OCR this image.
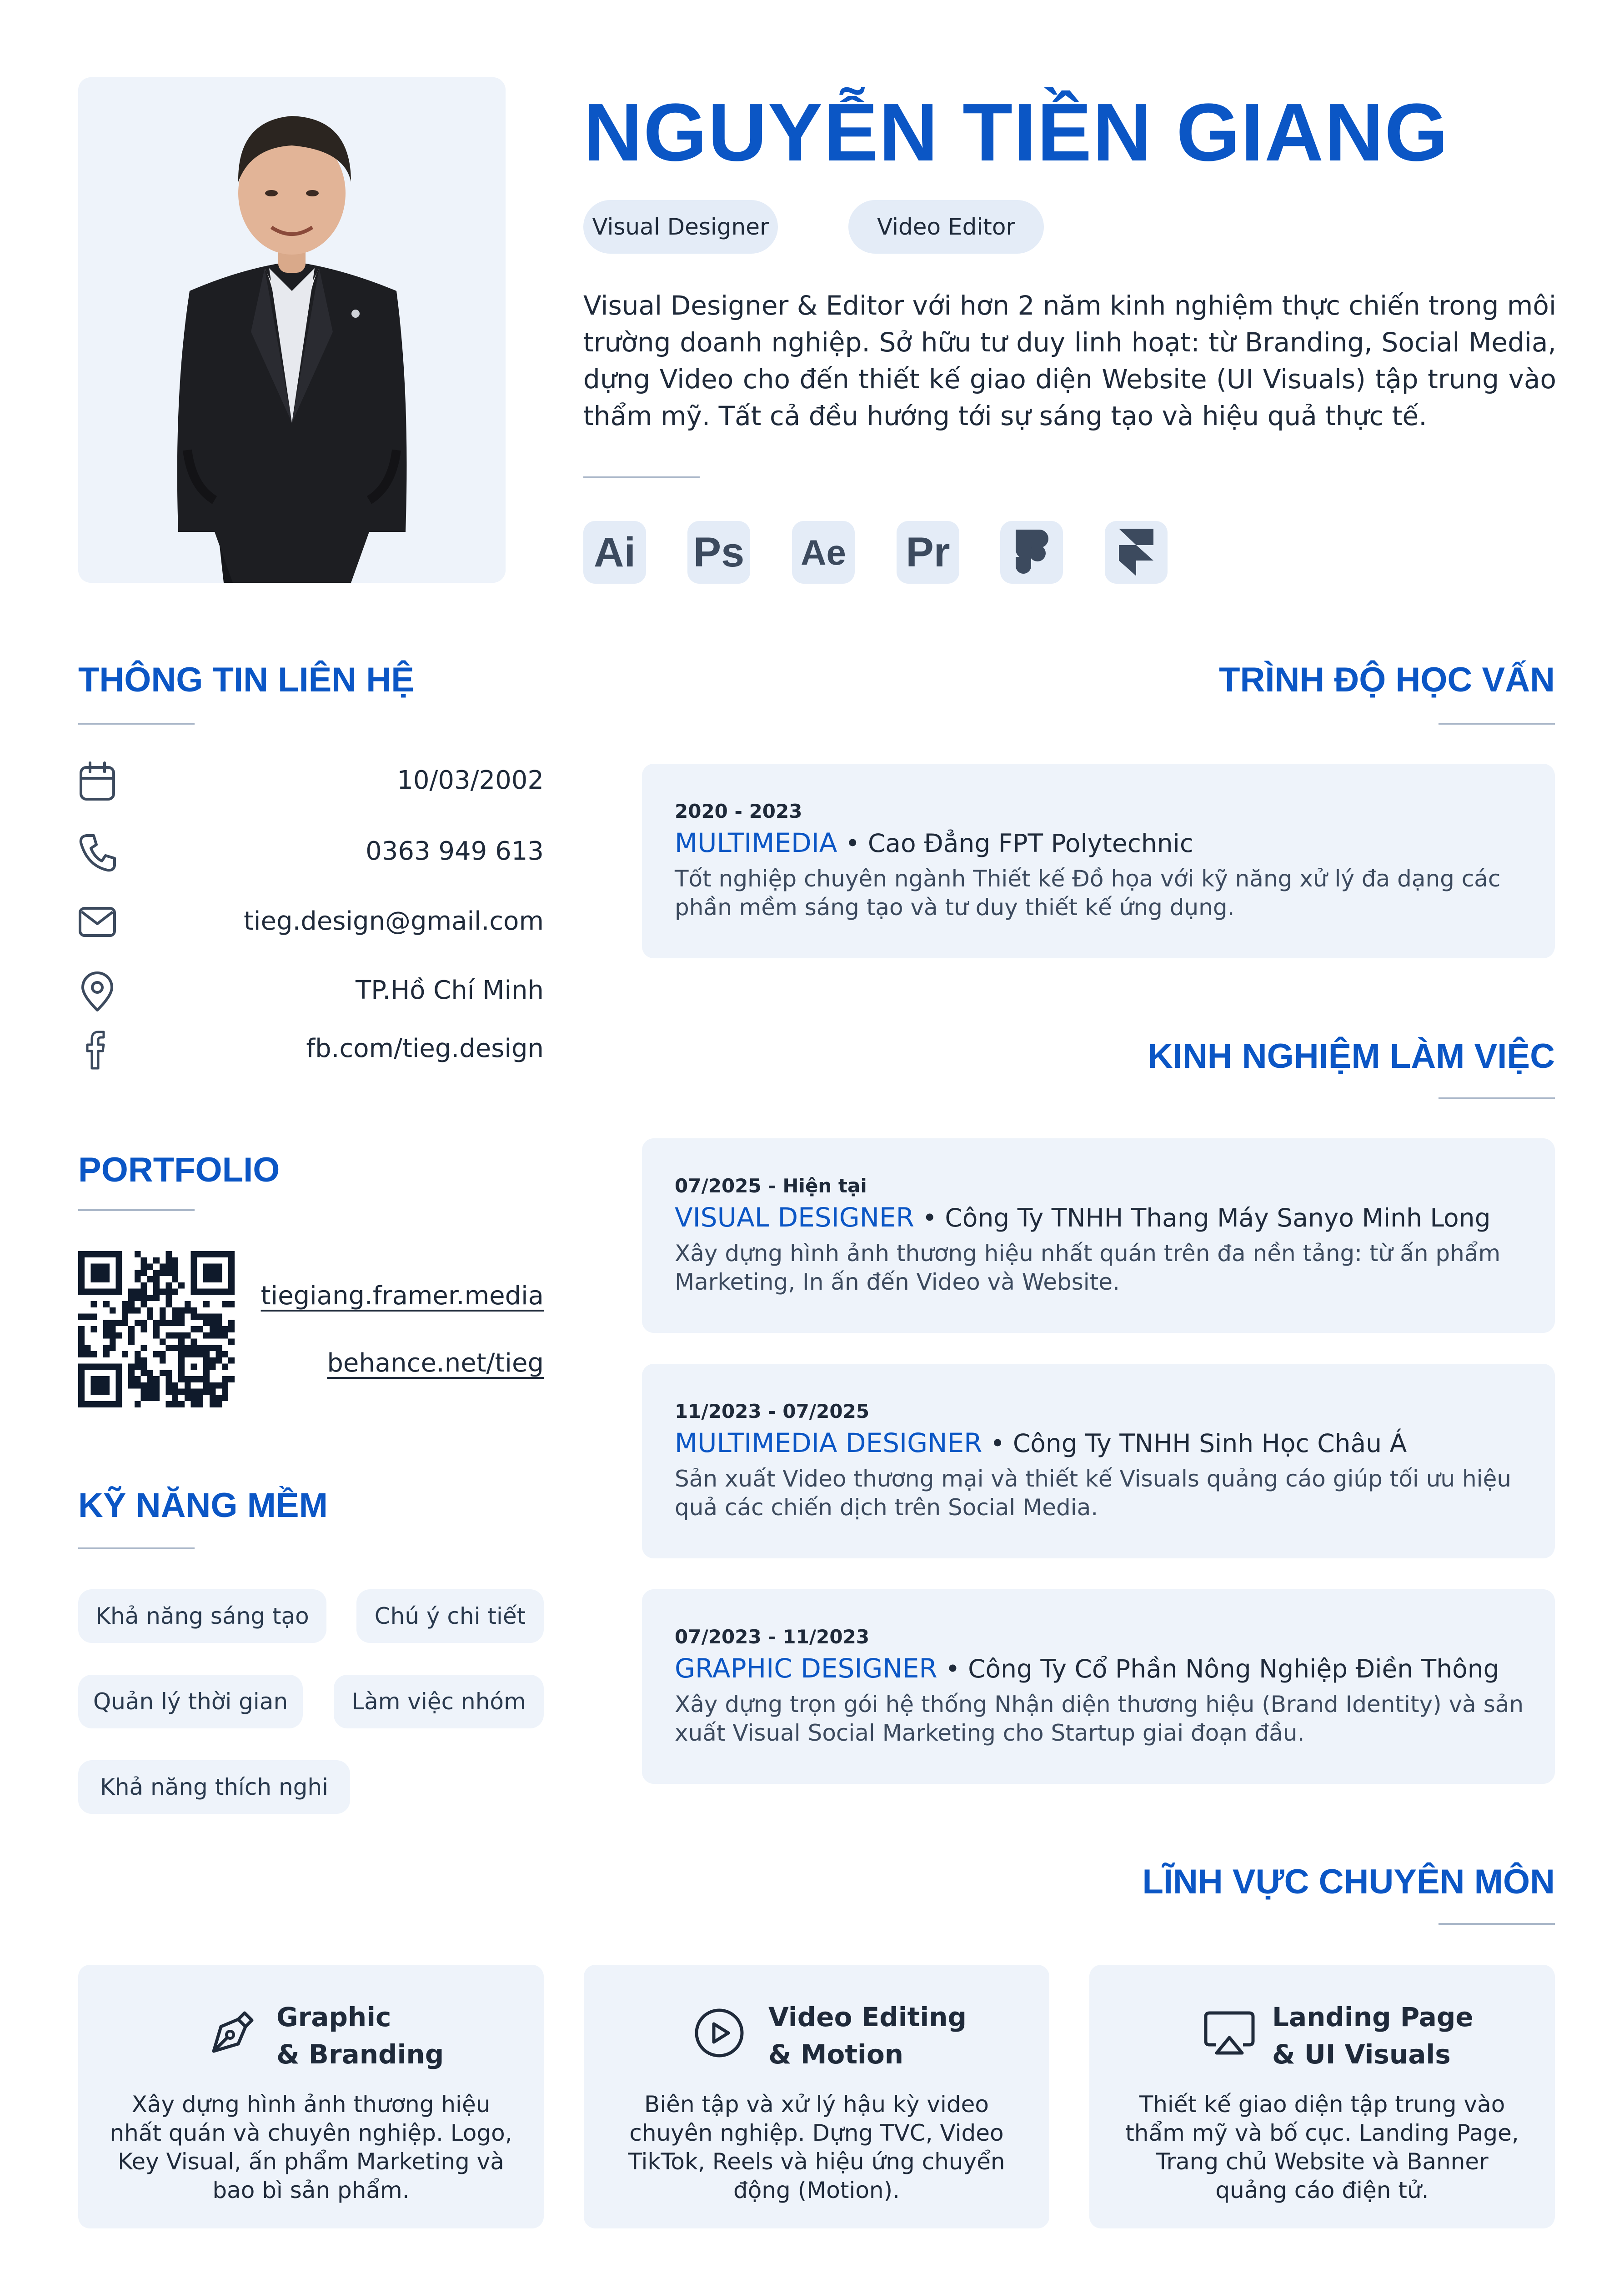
NGUYỄN TIỀN GIANG
Visual Designer	Video Editor

Visual Designer & Editor với hơn 2 năm kinh nghiệm thực chiến trong môi trường doanh nghiệp. Sở hữu tư duy linh hoạt: từ Branding, Social Media, dựng Video cho đến thiết kế giao diện Website (UI Visuals) tập trung vào thẩm mỹ. Tất cả đều hướng tới sự sáng tạo và hiệu quả thực tế.

Ai Ps Ae Pr
THÔNG TIN LIÊN HỆ
10/03/2002
0363 949 613
tieg.design@gmail.com
TP.Hồ Chí Minh
fb.com/tieg.design
PORTFOLIO
tiegiang.framer.media
behance.net/tieg
KỸ NĂNG MỀM
Khả năng sáng tạo	Chú ý chi tiết
Quản lý thời gian	Làm việc nhóm
Khả năng thích nghi
TRÌNH ĐỘ HỌC VẤN
2020 - 2023
MULTIMEDIA • Cao Đẳng FPT Polytechnic
Tốt nghiệp chuyên ngành Thiết kế Đồ họa với kỹ năng xử lý đa dạng các phần mềm sáng tạo và tư duy thiết kế ứng dụng.
KINH NGHIỆM LÀM VIỆC
07/2025 - Hiện tại
VISUAL DESIGNER • Công Ty TNHH Thang Máy Sanyo Minh Long
Xây dựng hình ảnh thương hiệu nhất quán trên đa nền tảng: từ ấn phẩm Marketing, In ấn đến Video và Website.
11/2023 - 07/2025
MULTIMEDIA DESIGNER • Công Ty TNHH Sinh Học Châu Á
Sản xuất Video thương mại và thiết kế Visuals quảng cáo giúp tối ưu hiệu quả các chiến dịch trên Social Media.
07/2023 - 11/2023
GRAPHIC DESIGNER • Công Ty Cổ Phần Nông Nghiệp Điền Thông
Xây dựng trọn gói hệ thống Nhận diện thương hiệu (Brand Identity) và sản xuất Visual Social Marketing cho Startup giai đoạn đầu.
LĨNH VỰC CHUYÊN MÔN
Graphic
& Branding

Xây dựng hình ảnh thương hiệu nhất quán và chuyên nghiệp. Logo, Key Visual, ấn phẩm Marketing và bao bì sản phẩm.

Video Editing
& Motion

Biên tập và xử lý hậu kỳ video chuyên nghiệp. Dựng TVC, Video TikTok, Reels và hiệu ứng chuyển động (Motion).

Landing Page
& UI Visuals

Thiết kế giao diện tập trung vào thẩm mỹ và bố cục. Landing Page, Trang chủ Website và Banner quảng cáo điện tử.
